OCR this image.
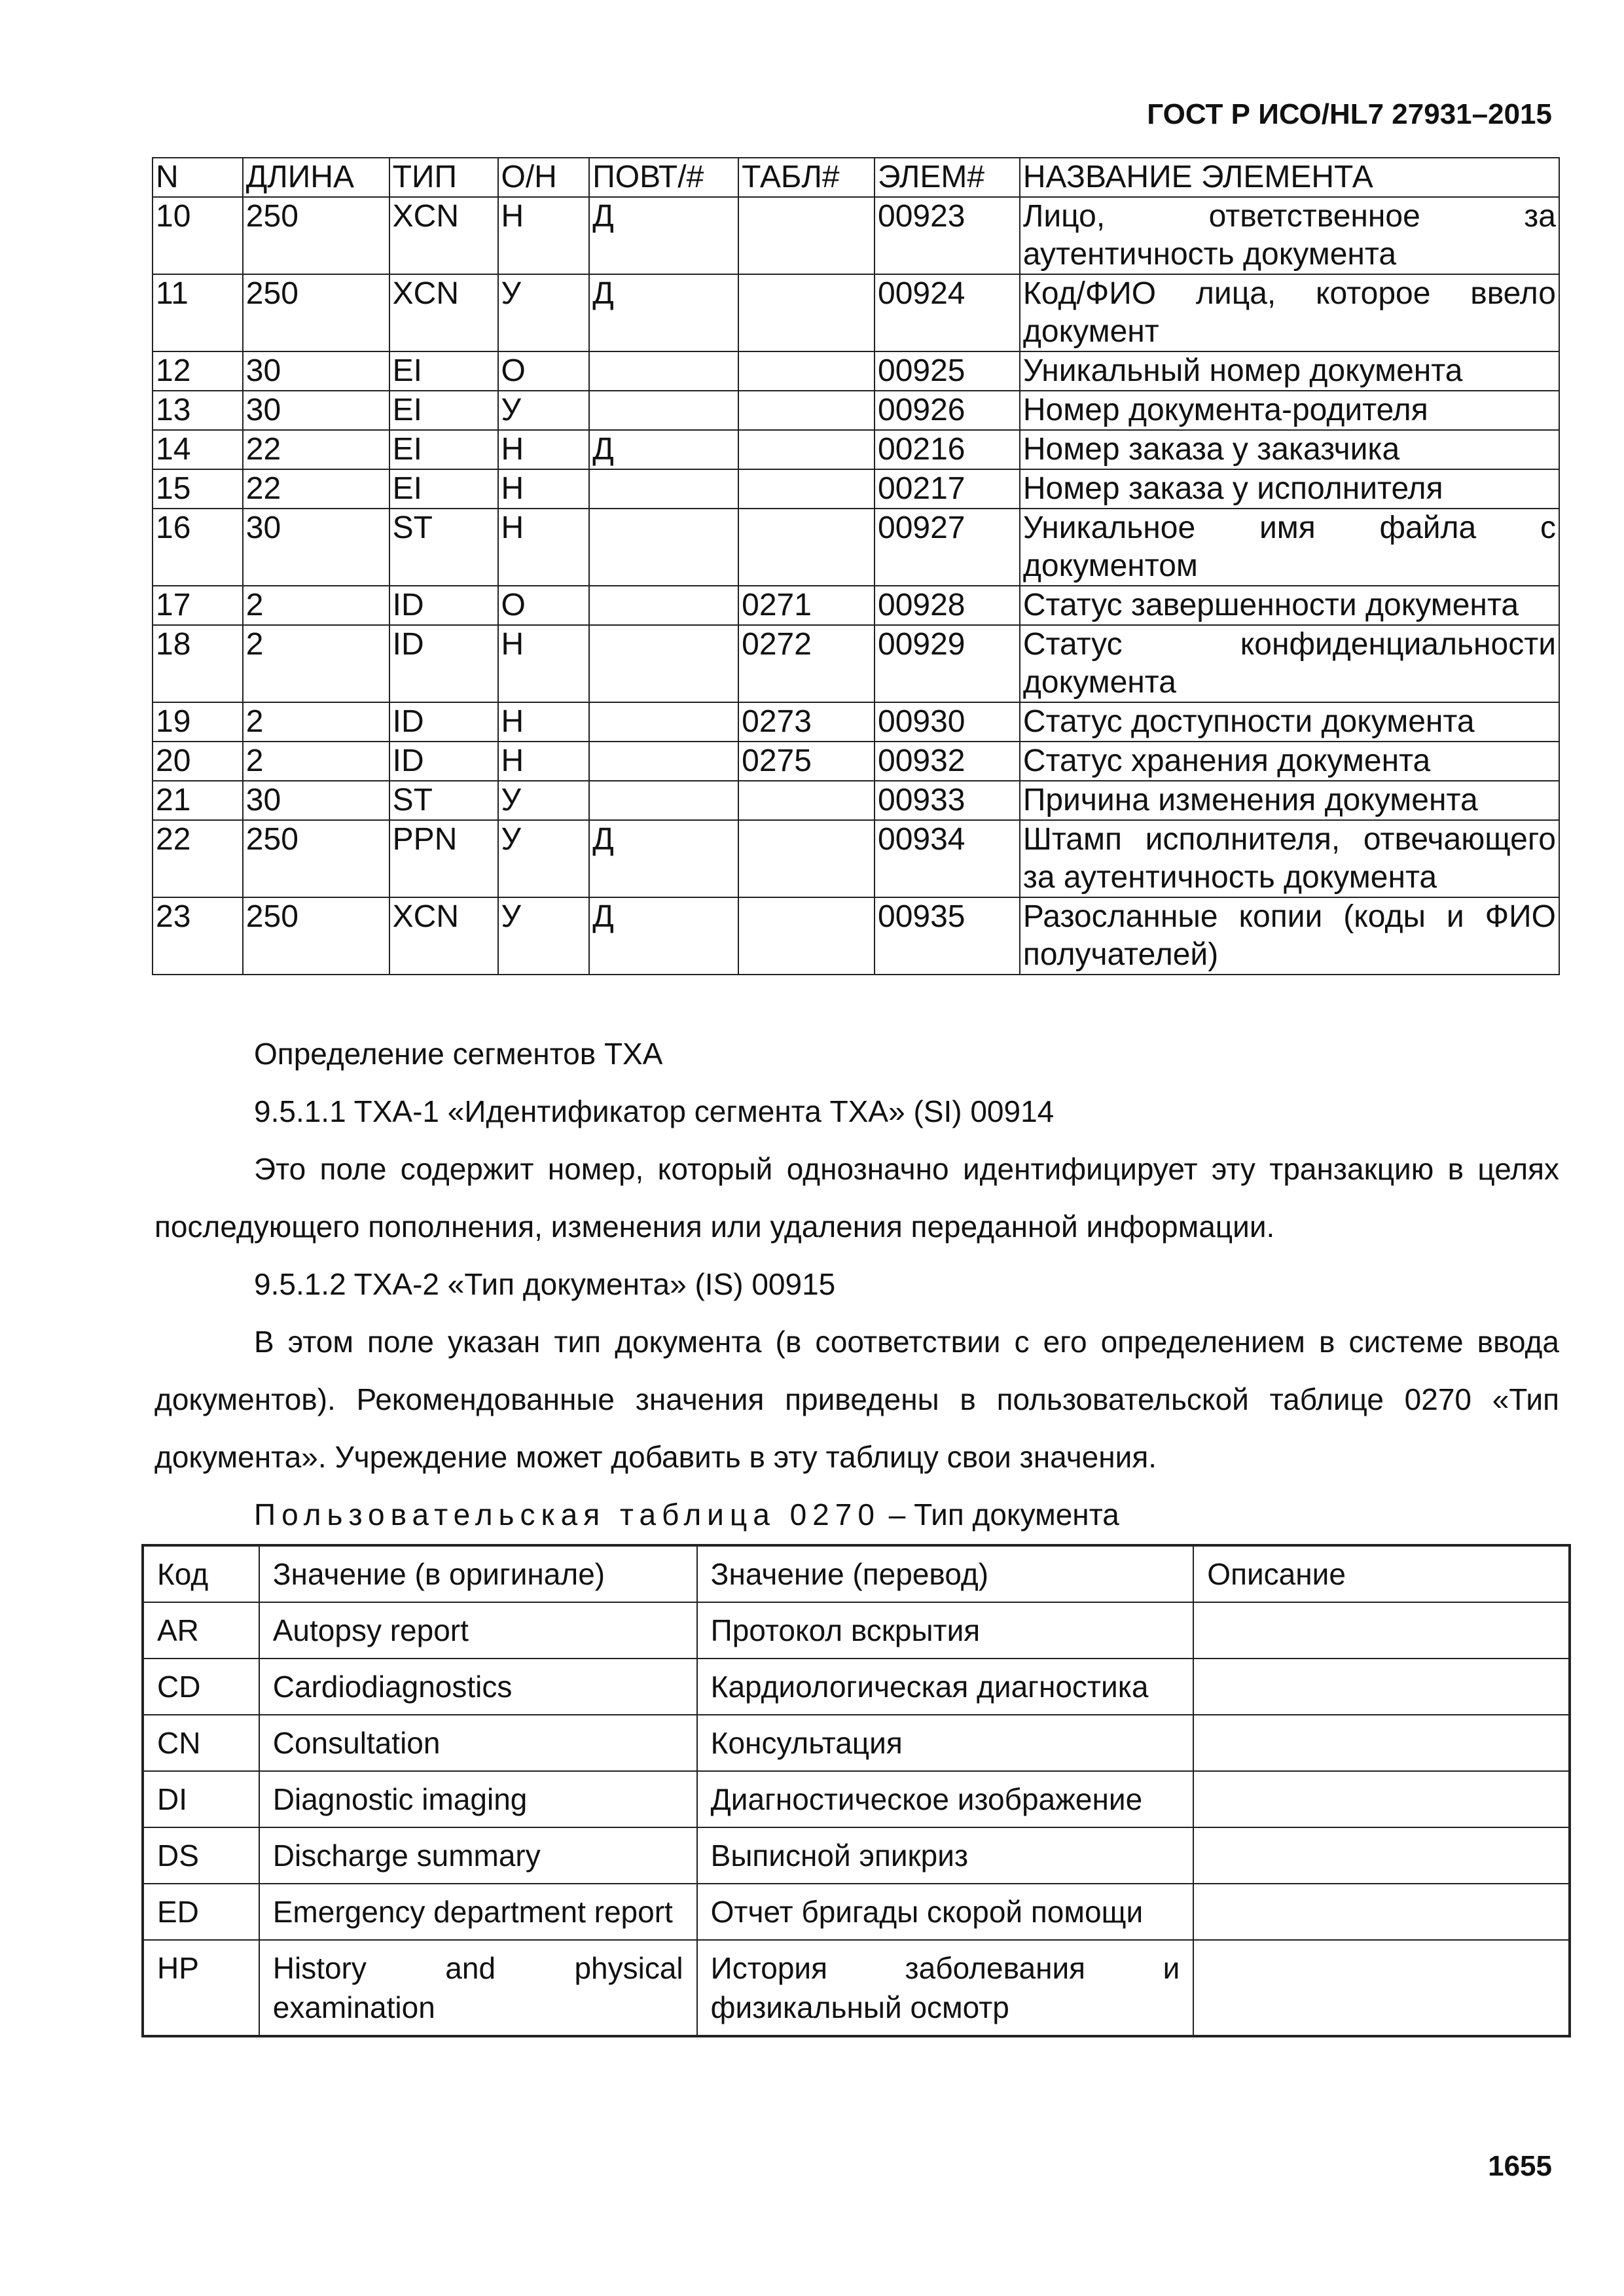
ГОСТ Р ИСО/HL7 27931–2015
N	ДЛИНА	ТИП	О/Н	ПОВТ/#	ТАБЛ#	ЭЛЕМ#	НАЗВАНИЕ ЭЛЕМЕНТА
10	250	XCN	Н	Д		00923	Лицо, ответственное за аутентичность документа
11	250	XCN	У	Д		00924	Код/ФИО лица, которое ввело документ
12	30	EI	О			00925	Уникальный номер документа
13	30	EI	У			00926	Номер документа-родителя
14	22	EI	Н	Д		00216	Номер заказа у заказчика
15	22	EI	Н			00217	Номер заказа у исполнителя
16	30	ST	Н			00927	Уникальное имя файла с документом
17	2	ID	О		0271	00928	Статус завершенности документа
18	2	ID	Н		0272	00929	Статус конфиденциальности документа
19	2	ID	Н		0273	00930	Статус доступности документа
20	2	ID	Н		0275	00932	Статус хранения документа
21	30	ST	У			00933	Причина изменения документа
22	250	PPN	У	Д		00934	Штамп исполнителя, отвечающего за аутентичность документа
23	250	XCN	У	Д		00935	Разосланные копии (коды и ФИО получателей)

Определение сегментов TXA

9.5.1.1 TXA-1 «Идентификатор сегмента TXA» (SI) 00914

Это поле содержит номер, который однозначно идентифицирует эту транзакцию в целях последующего пополнения, изменения или удаления переданной информации.

9.5.1.2 TXA-2 «Тип документа» (IS) 00915

В этом поле указан тип документа (в соответствии с его определением в системе ввода документов). Рекомендованные значения приведены в пользовательской таблице 0270 «Тип документа». Учреждение может добавить в эту таблицу свои значения.

Пользовательская таблица 0270 – Тип документа

Код	Значение (в оригинале)	Значение (перевод)	Описание
AR	Autopsy report	Протокол вскрытия	
CD	Cardiodiagnostics	Кардиологическая диагностика	
CN	Consultation	Консультация	
DI	Diagnostic imaging	Диагностическое изображение	
DS	Discharge summary	Выписной эпикриз	
ED	Emergency department report	Отчет бригады скорой помощи	
HP	History and physical examination	История заболевания и физикальный осмотр	
1655
